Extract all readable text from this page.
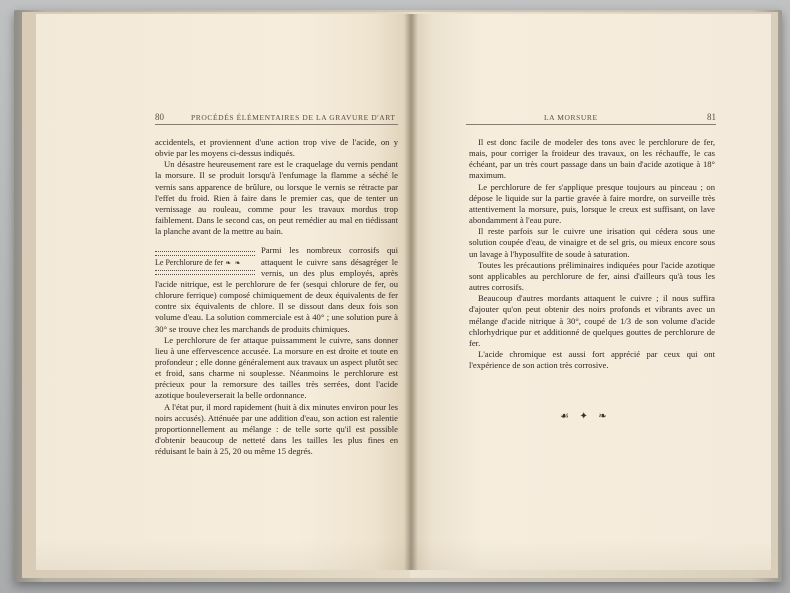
80	PROCÉDÉS ÉLÉMENTAIRES DE LA GRAVURE D'ART

accidentels, et proviennent d'une action trop vive de l'acide, on y obvie par les moyens ci-dessus indiqués.

Un désastre heureusement rare est le craquelage du vernis pendant la morsure. Il se produit lorsqu'à l'enfumage la flamme a séché le vernis sans apparence de brûlure, ou lorsque le vernis se rétracte par l'effet du froid. Rien à faire dans le premier cas, que de tenter un vernissage au rouleau, comme pour les travaux mordus trop faiblement. Dans le second cas, on peut remédier au mal en tiédissant la planche avant de la mettre au bain.

Le Perchlorure de fer ❧ ❧

Parmi les nombreux corrosifs qui attaquent le cuivre sans désagréger le vernis, un des plus employés, après l'acide nitrique, est le perchlorure de fer (sesqui chlorure de fer, ou chlorure ferrique) composé chimiquement de deux équivalents de fer contre six équivalents de chlore. Il se dissout dans deux fois son volume d'eau. La solution commerciale est à 40° ; une solution pure à 30° se trouve chez les marchands de produits chimiques.

Le perchlorure de fer attaque puissamment le cuivre, sans donner lieu à une effervescence accusée. La morsure en est droite et toute en profondeur ; elle donne généralement aux travaux un aspect plutôt sec et froid, sans charme ni souplesse. Néanmoins le perchlorure est précieux pour la remorsure des tailles très serrées, dont l'acide azotique bouleverserait la belle ordonnance.

A l'état pur, il mord rapidement (huit à dix minutes environ pour les noirs accusés). Atténuée par une addition d'eau, son action est ralentie proportionnellement au mélange : de telle sorte qu'il est possible d'obtenir beaucoup de netteté dans les tailles les plus fines en réduisant le bain à 25, 20 ou même 15 degrés.

LA MORSURE	81

Il est donc facile de modeler des tons avec le perchlorure de fer, mais, pour corriger la froideur des travaux, on les réchauffe, le cas échéant, par un très court passage dans un bain d'acide azotique à 18° maximum.

Le perchlorure de fer s'applique presque toujours au pinceau ; on dépose le liquide sur la partie gravée à faire mordre, on surveille très attentivement la morsure, puis, lorsque le creux est suffisant, on lave abondamment à l'eau pure.

Il reste parfois sur le cuivre une irisation qui cédera sous une solution coupée d'eau, de vinaigre et de sel gris, ou mieux encore sous un lavage à l'hyposulfite de soude à saturation.

Toutes les précautions préliminaires indiquées pour l'acide azotique sont applicables au perchlorure de fer, ainsi d'ailleurs qu'à tous les autres corrosifs.

Beaucoup d'autres mordants attaquent le cuivre ; il nous suffira d'ajouter qu'on peut obtenir des noirs profonds et vibrants avec un mélange d'acide nitrique à 30°, coupé de 1/3 de son volume d'acide chlorhydrique pur et additionné de quelques gouttes de perchlorure de fer.

L'acide chromique est aussi fort apprécié par ceux qui ont l'expérience de son action très corrosive.

☙ ✦ ❧
